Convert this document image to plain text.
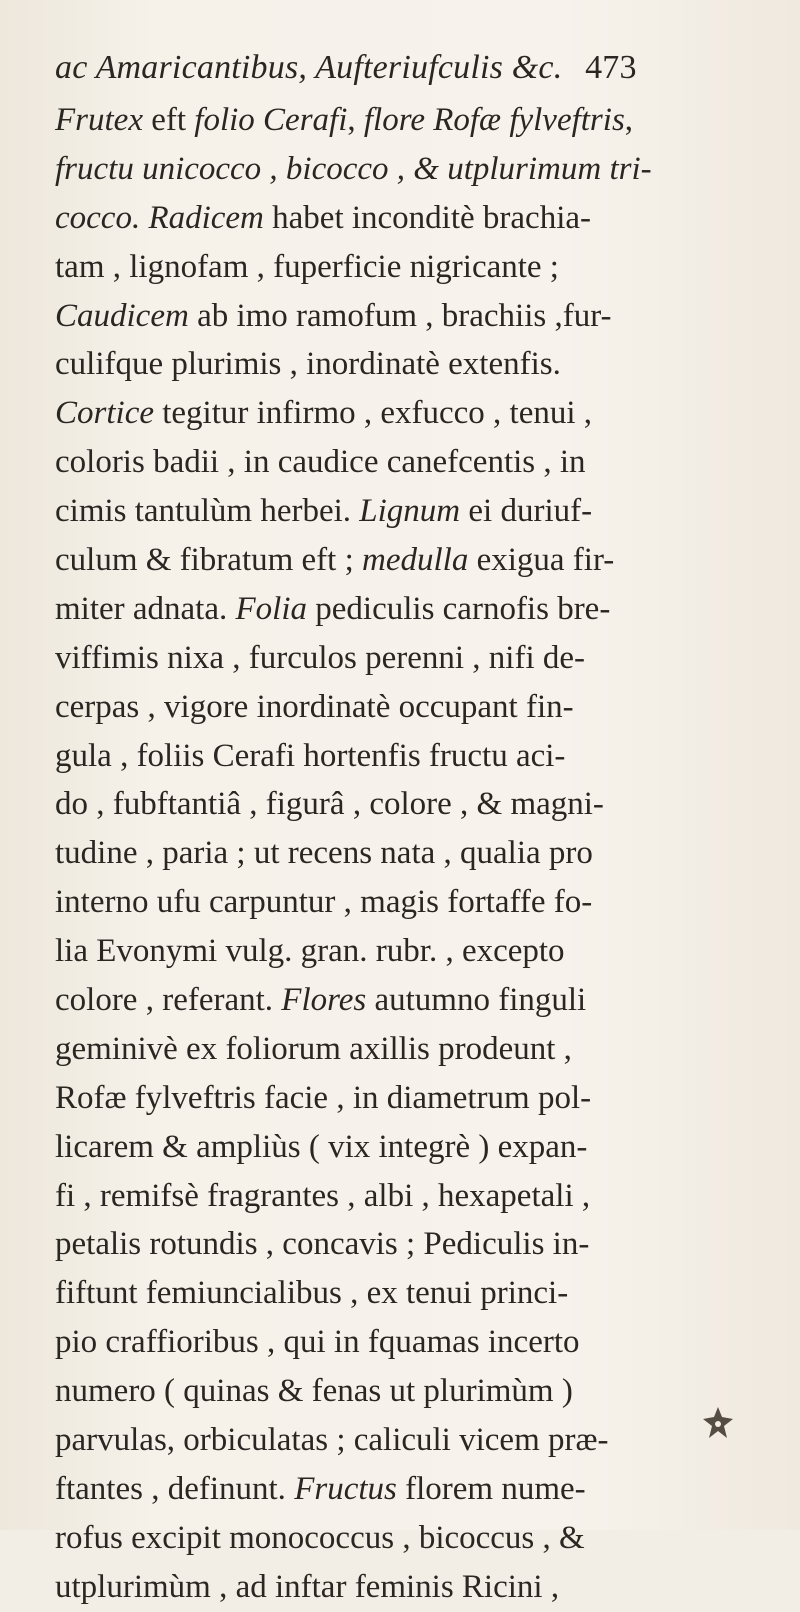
ac Amaricantibus, Aufteriufculis &c. 473
Frutex eft folio Cerafi, flore Rofæ fylveftris,
fructu unicocco , bicocco , & utplurimum tri-
cocco. Radicem habet inconditè brachia-
tam , lignofam , fuperficie nigricante ;
Caudicem ab imo ramofum , brachiis ,fur-
culifque plurimis , inordinatè extenfis.
Cortice tegitur infirmo , exfucco , tenui ,
coloris badii , in caudice canefcentis , in
cimis tantulùm herbei. Lignum ei duriuf-
culum & fibratum eft ; medulla exigua fir-
miter adnata. Folia pediculis carnofis bre-
viffimis nixa , furculos perenni , nifi de-
cerpas , vigore inordinatè occupant fin-
gula , foliis Cerafi hortenfis fructu aci-
do , fubftantiâ , figurâ , colore , & magni-
tudine , paria ; ut recens nata , qualia pro
interno ufu carpuntur , magis fortaffe fo-
lia Evonymi vulg. gran. rubr. , excepto
colore , referant. Flores autumno finguli
geminivè ex foliorum axillis prodeunt ,
Rofæ fylveftris facie , in diametrum pol-
licarem & ampliùs ( vix integrè ) expan-
fi , remifsè fragrantes , albi , hexapetali ,
petalis rotundis , concavis ; Pediculis in-
fiftunt femiuncialibus , ex tenui princi-
pio craffioribus , qui in fquamas incerto
numero ( quinas & fenas ut plurimùm )
parvulas, orbiculatas ; caliculi vicem præ-
ftantes , definunt. Fructus florem nume-
rofus excipit monococcus , bicoccus , &
utplurimùm , ad inftar feminis Ricini ,
